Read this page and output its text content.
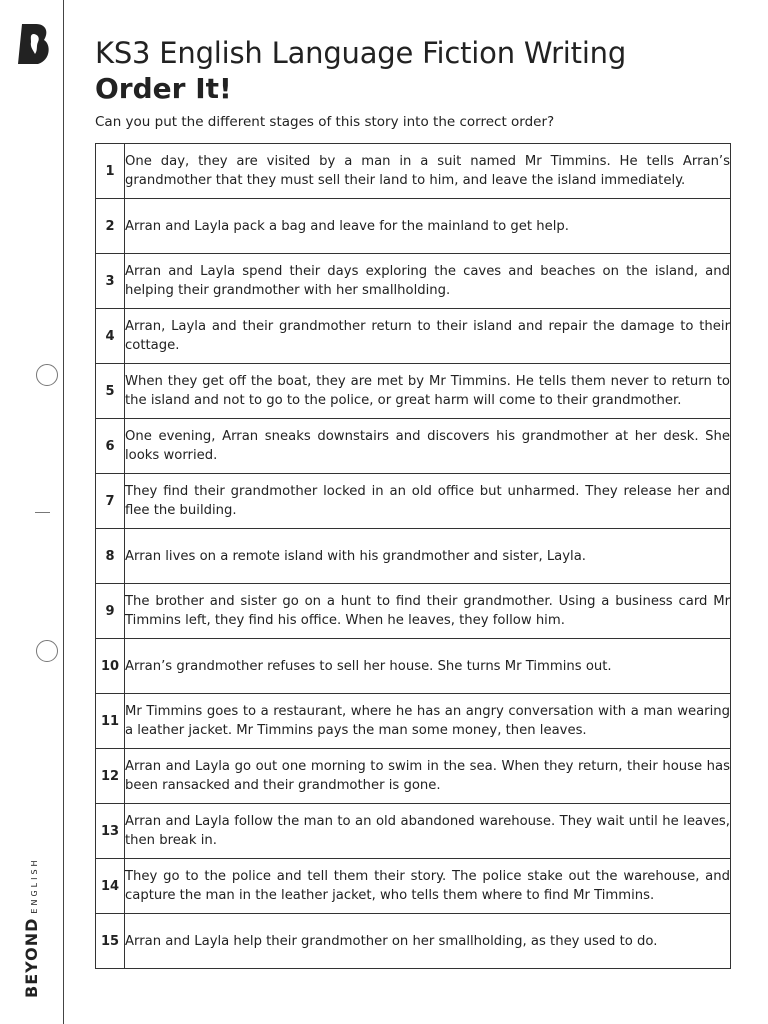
BEYONDENGLISH
KS3 English Language Fiction Writing
Order It!
Can you put the different stages of this story into the correct order?
1	One day, they are visited by a man in a suit named Mr Timmins. He tells Arran’s grandmother that they must sell their land to him, and leave the island immediately.
2	Arran and Layla pack a bag and leave for the mainland to get help.
3	Arran and Layla spend their days exploring the caves and beaches on the island, and helping their grandmother with her smallholding.
4	Arran, Layla and their grandmother return to their island and repair the damage to their cottage.
5	When they get off the boat, they are met by Mr Timmins. He tells them never to return to the island and not to go to the police, or great harm will come to their grandmother.
6	One evening, Arran sneaks downstairs and discovers his grandmother at her desk. She looks worried.
7	They find their grandmother locked in an old office but unharmed. They release her and flee the building.
8	Arran lives on a remote island with his grandmother and sister, Layla.
9	The brother and sister go on a hunt to find their grandmother. Using a business card Mr Timmins left, they find his office. When he leaves, they follow him.
10	Arran’s grandmother refuses to sell her house. She turns Mr Timmins out.
11	Mr Timmins goes to a restaurant, where he has an angry conversation with a man wearing a leather jacket. Mr Timmins pays the man some money, then leaves.
12	Arran and Layla go out one morning to swim in the sea. When they return, their house has been ransacked and their grandmother is gone.
13	Arran and Layla follow the man to an old abandoned warehouse. They wait until he leaves, then break in.
14	They go to the police and tell them their story. The police stake out the warehouse, and capture the man in the leather jacket, who tells them where to find Mr Timmins.
15	Arran and Layla help their grandmother on her smallholding, as they used to do.
